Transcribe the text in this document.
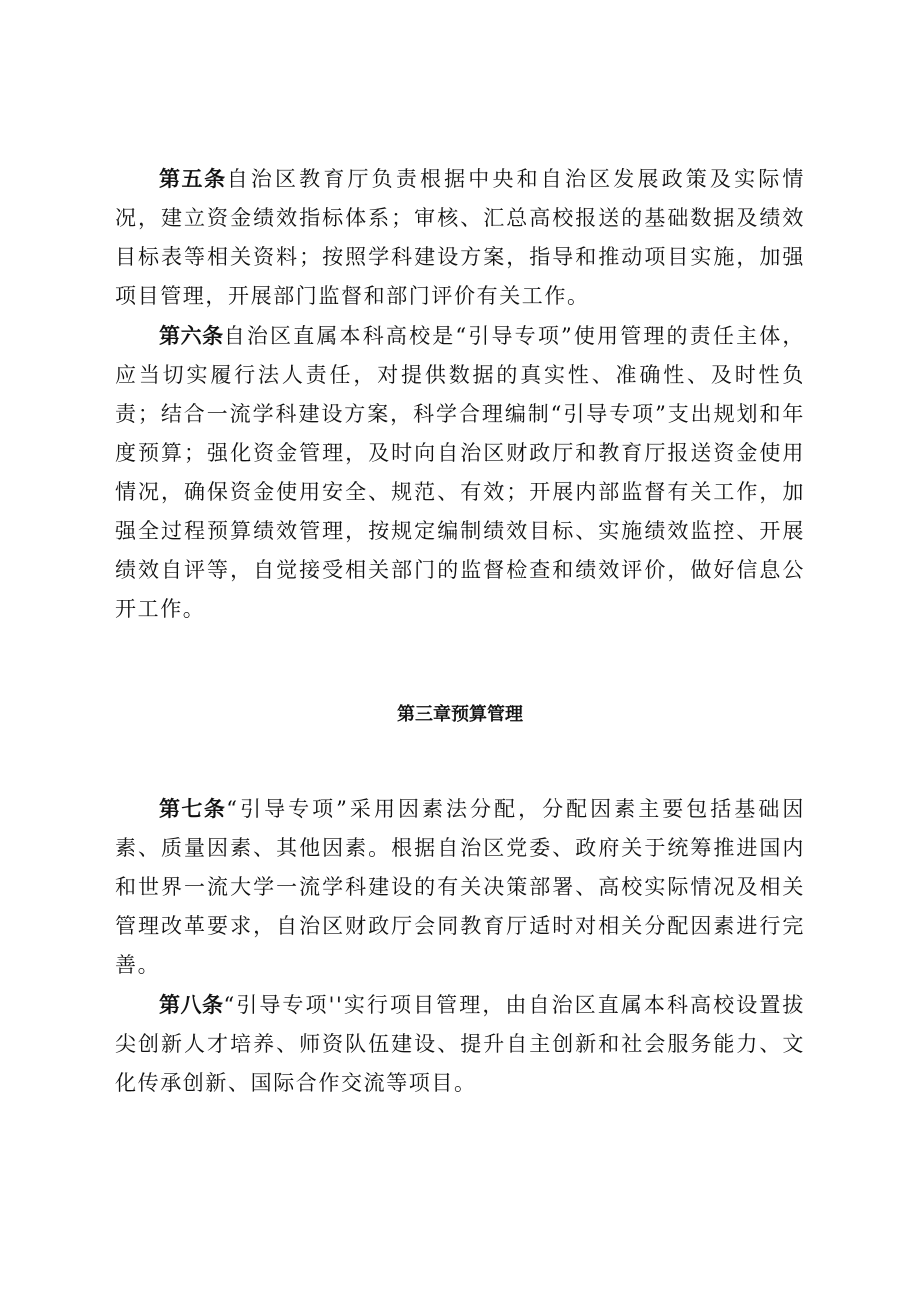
第五条自治区教育厅负责根据中央和自治区发展政策及实际情况，建立资金绩效指标体系；审核、汇总高校报送的基础数据及绩效目标表等相关资料；按照学科建设方案，指导和推动项目实施，加强项目管理，开展部门监督和部门评价有关工作。

第六条自治区直属本科高校是“引导专项”使用管理的责任主体，应当切实履行法人责任，对提供数据的真实性、准确性、及时性负责；结合一流学科建设方案，科学合理编制“引导专项”支出规划和年度预算；强化资金管理，及时向自治区财政厅和教育厅报送资金使用情况，确保资金使用安全、规范、有效；开展内部监督有关工作，加强全过程预算绩效管理，按规定编制绩效目标、实施绩效监控、开展绩效自评等，自觉接受相关部门的监督检查和绩效评价，做好信息公开工作。

第三章预算管理

第七条“引导专项”采用因素法分配，分配因素主要包括基础因素、质量因素、其他因素。根据自治区党委、政府关于统筹推进国内和世界一流大学一流学科建设的有关决策部署、高校实际情况及相关管理改革要求，自治区财政厅会同教育厅适时对相关分配因素进行完善。

第八条“引导专项''实行项目管理，由自治区直属本科高校设置拔尖创新人才培养、师资队伍建设、提升自主创新和社会服务能力、文化传承创新、国际合作交流等项目。
